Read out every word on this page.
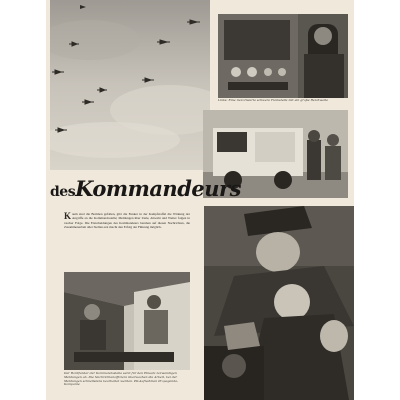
Links: Eine motorisierte schwere Funkstelle mit ein große Reichweite
desKommandeurs
Kaum sind die Bomben gefallen, gibt die Funker in der Kampfstaffel die Wirkung der Angriffe an die Kommandostelle; Meldungen über Ziele, Abwehr und Wetter folgen in rascher Folge. Die Entscheidungen des Kommandeurs beruhen auf diesen Nachrichten, die Zusammenarbeit aller Stellen erst macht den Erfolg der Führung möglich.
Der Bordfunker der Kommandostelle setzt für den Einsatz notwendigen Meldungen ab. Die Nachrichtenoffiziere überwachen die Arbeit, bei der Meldungen schnellstens bearbeitet werden. PK-Aufnahmen Propaganda-Kompanie
